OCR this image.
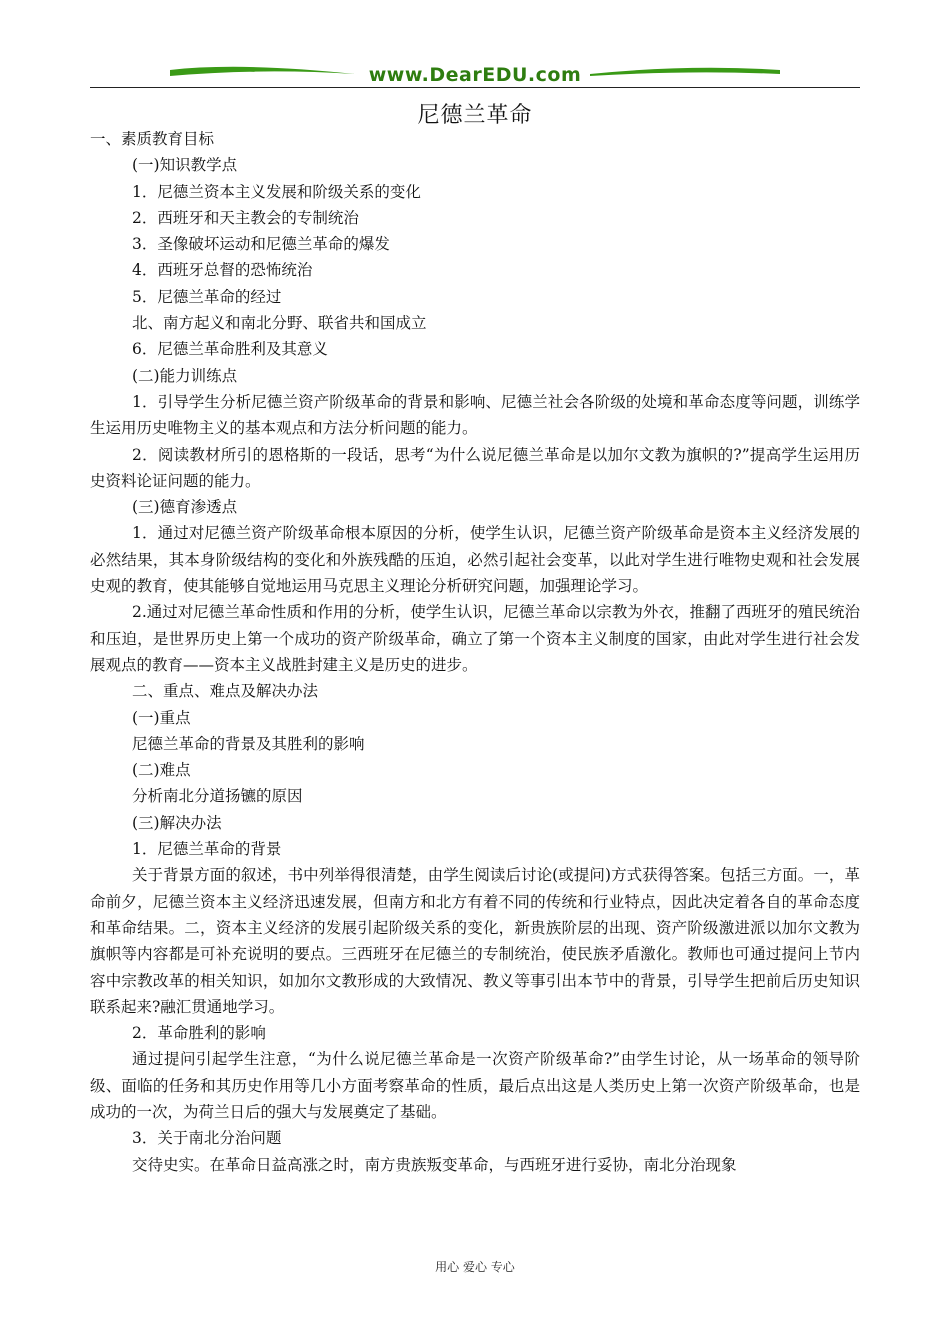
www.DearEDU.com
尼德兰革命
一、素质教育目标
(一)知识教学点
1．尼德兰资本主义发展和阶级关系的变化
2．西班牙和天主教会的专制统治
3．圣像破坏运动和尼德兰革命的爆发
4．西班牙总督的恐怖统治
5．尼德兰革命的经过
北、南方起义和南北分野、联省共和国成立
6．尼德兰革命胜利及其意义
(二)能力训练点

1．引导学生分析尼德兰资产阶级革命的背景和影响、尼德兰社会各阶级的处境和革命态度等问题，训练学生运用历史唯物主义的基本观点和方法分析问题的能力。

2．阅读教材所引的恩格斯的一段话，思考“为什么说尼德兰革命是以加尔文教为旗帜的?”提高学生运用历史资料论证问题的能力。

(三)德育渗透点

1．通过对尼德兰资产阶级革命根本原因的分析，使学生认识，尼德兰资产阶级革命是资本主义经济发展的必然结果，其本身阶级结构的变化和外族残酷的压迫，必然引起社会变革，以此对学生进行唯物史观和社会发展史观的教育，使其能够自觉地运用马克思主义理论分析研究问题，加强理论学习。

2.通过对尼德兰革命性质和作用的分析，使学生认识，尼德兰革命以宗教为外衣，推翻了西班牙的殖民统治和压迫，是世界历史上第一个成功的资产阶级革命，确立了第一个资本主义制度的国家，由此对学生进行社会发展观点的教育——资本主义战胜封建主义是历史的进步。

二、重点、难点及解决办法
(一)重点
尼德兰革命的背景及其胜利的影响
(二)难点
分析南北分道扬镳的原因
(三)解决办法
1．尼德兰革命的背景

关于背景方面的叙述，书中列举得很清楚，由学生阅读后讨论(或提问)方式获得答案。包括三方面。一，革命前夕，尼德兰资本主义经济迅速发展，但南方和北方有着不同的传统和行业特点，因此决定着各自的革命态度和革命结果。二，资本主义经济的发展引起阶级关系的变化，新贵族阶层的出现、资产阶级激进派以加尔文教为旗帜等内容都是可补充说明的要点。三西班牙在尼德兰的专制统治，使民族矛盾激化。教师也可通过提问上节内容中宗教改革的相关知识，如加尔文教形成的大致情况、教义等事引出本节中的背景，引导学生把前后历史知识联系起来?融汇贯通地学习。

2．革命胜利的影响

通过提问引起学生注意，“为什么说尼德兰革命是一次资产阶级革命?”由学生讨论，从一场革命的领导阶级、面临的任务和其历史作用等几小方面考察革命的性质，最后点出这是人类历史上第一次资产阶级革命，也是成功的一次，为荷兰日后的强大与发展奠定了基础。

3．关于南北分治问题

交待史实。在革命日益高涨之时，南方贵族叛变革命，与西班牙进行妥协，南北分治现象

用心 爱心 专心
